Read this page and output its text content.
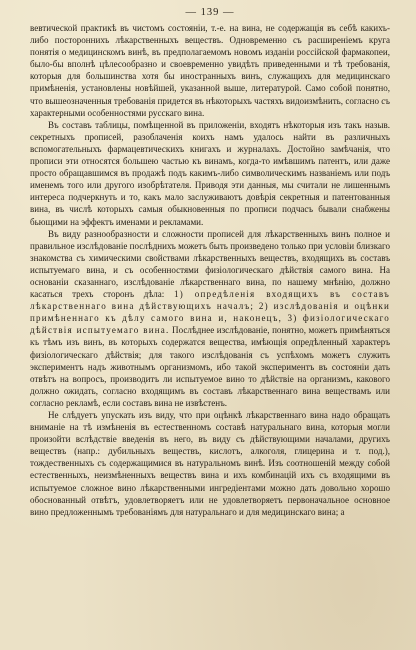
— 139 —

вевтической практикѣ въ чистомъ состояніи, т.-е. на вина, не содержащія въ себѣ какихъ-либо постороннихъ лѣкарственныхъ веществъ. Одновременно съ расширеніемъ круга понятія о медицинскомъ винѣ, въ предполагаемомъ новомъ изданіи россійской фармакопеи, было-бы вполнѣ цѣлесообразно и своевременно увидѣть приведенными и тѣ требованія, которыя для большинства хотя бы иностранныхъ винъ, служащихъ для медицинскаго примѣненія, установлены новѣйшей, указанной выше, литературой. Само собой понятно, что вышеозначенныя требованія придется въ нѣкоторыхъ частяхъ видоизмѣнить, согласно съ характерными особенностями русскаго вина.

Въ составъ таблицы, помѣщенной въ приложеніи, входятъ нѣкоторыя изъ такъ назыв. секретныхъ прописей, разоблаченія коихъ намъ удалось найти въ различныхъ вспомогательныхъ фармацевтическихъ книгахъ и журналахъ. Достойно замѣчанія, что прописи эти относятся большею частью къ винамъ, когда-то имѣвшимъ патентъ, или даже просто обращавшимся въ продажѣ подъ какимъ-либо символическимъ названіемъ или подъ именемъ того или другого изобрѣтателя. Приводя эти данныя, мы считали не лишеннымъ интереса подчеркнуть и то, какъ мало заслуживаютъ довѣрія секретныя и патентованныя вина, въ числѣ которыхъ самыя обыкновенныя по прописи подчасъ бывали снабжены бьющими на эффектъ именами и рекламами.

Въ виду разнообразности и сложности прописей для лѣкарственныхъ винъ полное и правильное изслѣдованіе послѣднихъ можетъ быть произведено только при условіи близкаго знакомства съ химическими свойствами лѣкарственныхъ веществъ, входящихъ въ составъ испытуемаго вина, и съ особенностями физіологическаго дѣйствія самого вина. На основаніи сказаннаго, изслѣдованіе лѣкарственнаго вина, по нашему мнѣнію, должно касаться трехъ сторонъ дѣла: 1) опредѣленія входящихъ въ составъ лѣкарственнаго вина дѣйствующихъ началъ; 2) изслѣдованія и оцѣнки примѣненнаго къ дѣлу самого вина и, наконецъ, 3) физіологическаго дѣйствія испытуемаго вина. Послѣднее изслѣдованіе, понятно, можетъ примѣняться къ тѣмъ изъ винъ, въ которыхъ содержатся вещества, имѣющія опредѣленный характеръ физіологическаго дѣйствія; для такого изслѣдованія съ успѣхомъ можетъ служить экспериментъ надъ животнымъ организмомъ, ибо такой экспериментъ въ состояніи дать отвѣтъ на вопросъ, производитъ ли испытуемое вино то дѣйствіе на организмъ, какового должно ожидать, согласно входящимъ въ составъ лѣкарственнаго вина веществамъ или согласно рекламѣ, если составъ вина не извѣстенъ.

Не слѣдуетъ упускать изъ виду, что при оцѣнкѣ лѣкарственнаго вина надо обращать вниманіе на тѣ измѣненія въ естественномъ составѣ натуральнаго вина, которыя могли произойти вслѣдствіе введенія въ него, въ виду съ дѣйствующими началами, другихъ веществъ (напр.: дубильныхъ веществъ, кислотъ, алкоголя, глицерина и т. под.), тождественныхъ съ содержащимися въ натуральномъ винѣ. Изъ соотношеній между собой естественныхъ, неизмѣненныхъ веществъ вина и ихъ комбинацій ихъ съ входящими въ испытуемое сложное вино лѣкарственными ингредіентами можно дать довольно хорошо обоснованный отвѣтъ, удовлетворяетъ или не удовлетворяетъ первоначальное основное вино предложеннымъ требованіямъ для натуральнаго и для медицинскаго вина; а
